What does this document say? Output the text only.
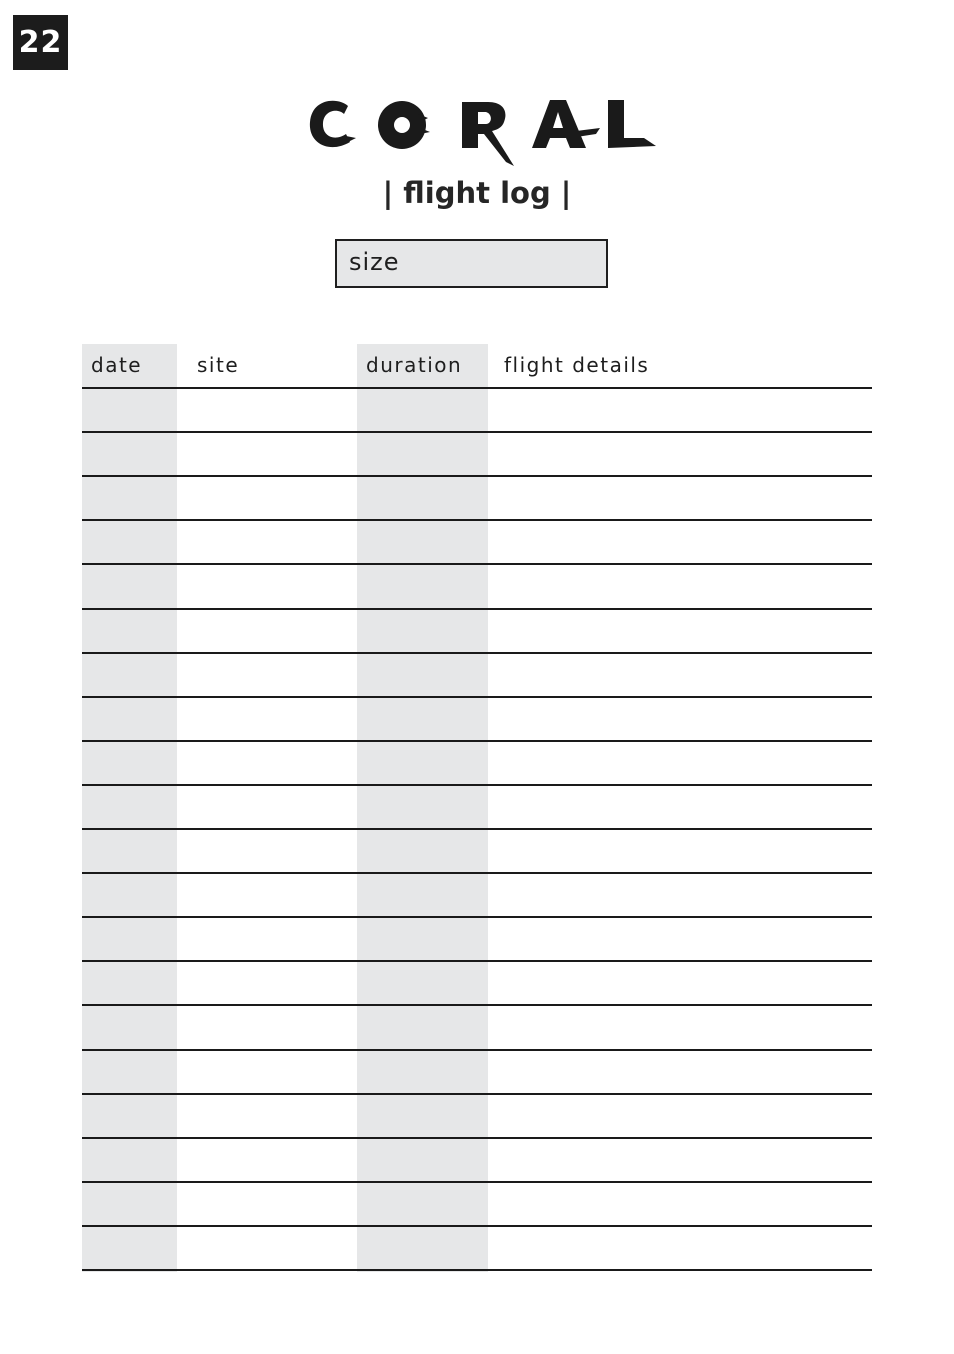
22
| flight log |
size
date	site	duration flight details
